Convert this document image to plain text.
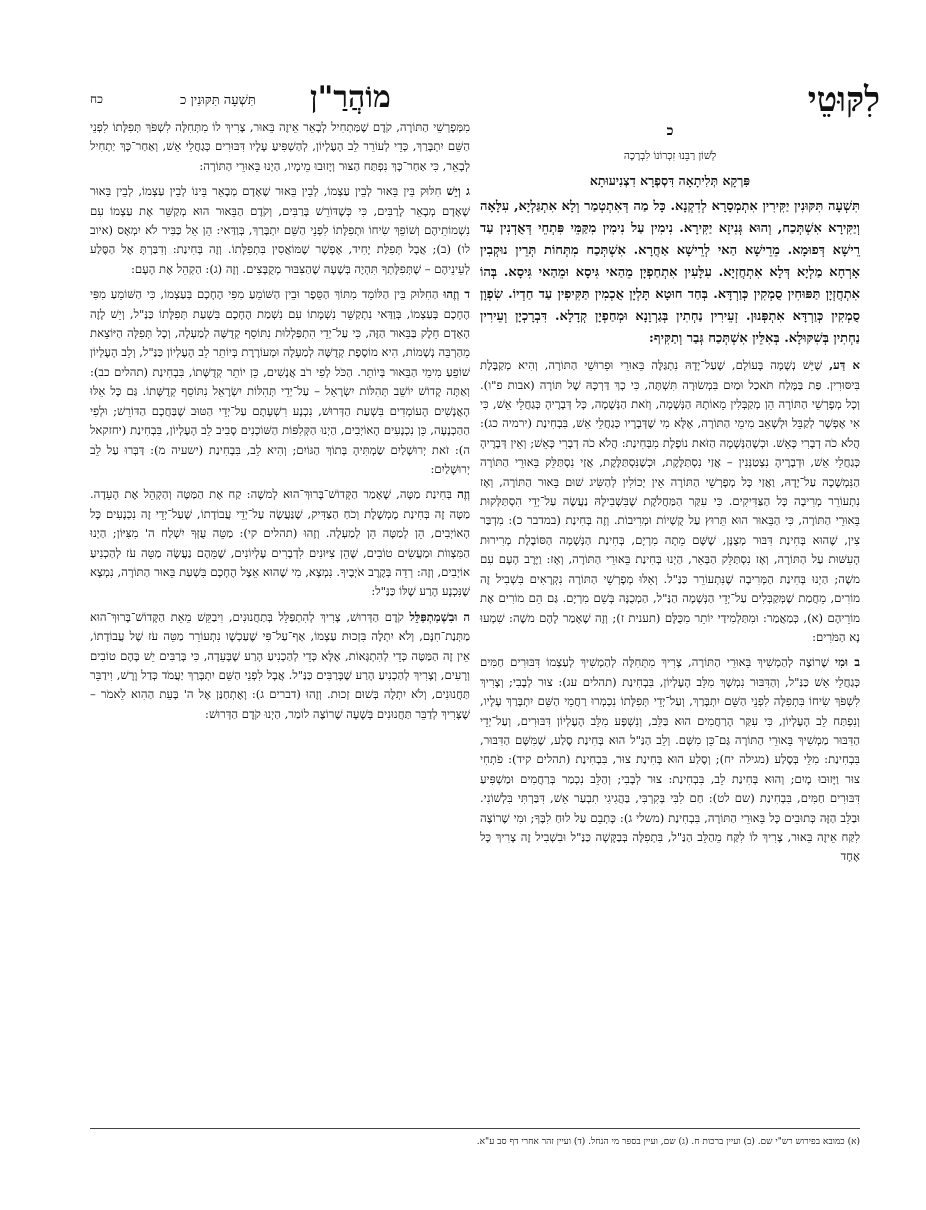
לִקּוּטֵי
מוֹהֲרַ"ן
תִּשְׁעָה תִּקּוּנִין כ
כח
כ
לְשׁוֹן רַבֵּנוּ זִכְרוֹנוֹ לִבְרָכָה
פִּרְקָא תְּלִיתָאָה דִּסְפְרָא דִצְנִיעוּתָא

תִּשְׁעָה תִּקּוּנִין יַקִּירִין אִתְמְסָרָא לְדִקְנָא. כָּל מַה דְּאִתְטְמַר וְלָא אִתְגַּלְיָא, עִלָּאָה וְיַקִּירָא אִשְׁתְּכַח, וְהוּא גְּנִיזָא יַקִּירָא. נִימִין עַל נִימִין מִקַּמֵּי פִּתְחֵי דְּאֻדְנִין עַד רֵישָׁא דְּפוּמָא. מֵרֵישָׁא הַאי לְרֵישָׁא אַחֲרָא. אִשְׁתְּכַח מִתְּחוֹת תְּרֵין נוּקְבִין אָרְחָא מַלְיָא דְּלָא אִתְחֲזְיָא. עִלָּעִין אִתְחַפְיָן מֵהַאי גִּיסָא וּמֵהַאי גִּיסָא. בְּהוֹ אִתְחֲזְיָן תַּפּוּחִין סֻמְקִין כְּוַרְדָּא. בְּחַד חוּטָא תָּלְיָן אֻכְמִין תַּקִּיפִין עַד חַדְיוֹ. שִׂפְוָן סֻמְקִין כְּוַרְדָּא אִתְפְּנוּן. זְעֵירִין נַחְתִין בְּגַרְוָנָא וּמְחַפְיָן קְדָלָא. דִּבְרָכְיָן וְעֵירִין נַחְתִין בְּשִׁקּוּלָא. בְּאִלֵּין אִשְׁתְּכַח גְּבַר וְתַקִּיף:

א דַּע, שֶׁיֵּשׁ נְשָׁמָה בָּעוֹלָם, שֶׁעַל־יָדָהּ נִתְגַּלֶּה בֵּאוּרֵי וּפֵרוּשֵׁי הַתּוֹרָה, וְהִיא מְקַבֶּלֶת בִּיסּוּרִין. פַּת בַּמֶּלַח תֹּאכַל וּמַיִם בִּמְשׂוּרָה תִּשְׁתֶּה, כִּי כָךְ דַּרְכָּהּ שֶׁל תּוֹרָה (אבות פ"ו). וְכָל מְפָרְשֵׁי הַתּוֹרָה הֵן מְקַבְּלִין מֵאוֹתָהּ הַנְּשָׁמָה, וְזֹאת הַנְּשָׁמָה, כָּל דְּבָרֶיהָ כְּגַחֲלֵי אֵשׁ, כִּי אִי אֶפְשָׁר לְקַבֵּל וּלְשָׁאֵב מִימֵי הַתּוֹרָה, אֶלָּא מִי שֶׁדְּבָרָיו כְּגַחֲלֵי אֵשׁ, בִּבְחִינַת (ירמיה כג): הֲלֹא כֹה דְבָרִי כָּאֵשׁ. וּכְשֶׁהַנְּשָׁמָה הַזֹּאת נוֹפֶלֶת מִבְּחִינַת: הֲלֹא כֹה דְבָרִי כָּאֵשׁ; וְאֵין דְּבָרֶיהָ כְּגַחֲלֵי אֵשׁ, וּדְבָרֶיהָ נִצְטַנְּנִין – אֲזַי נִסְתַּלֶּקֶת, וּכְשֶׁנִּסְתַּלֶּקֶת, אֲזַי נִסְתַּלֵּק בֵּאוּרֵי הַתּוֹרָה הַנִּמְשָׁכָה עַל־יָדָהּ, וַאֲזַי כָּל מְפָרְשֵׁי הַתּוֹרָה אֵין יְכוֹלִין לְהַשִּׂיג שׁוּם בֵּאוּר הַתּוֹרָה, וְאָז נִתְעוֹרֵר מְרִיבָה כָּל הַצַּדִּיקִים. כִּי עִקַּר הַמַּחֲלֹקֶת שֶׁבִּשְׁבִילָהּ נַעֲשֶׂה עַל־יְדֵי הִסְתַּלְּקוּת בֵּאוּרֵי הַתּוֹרָה, כִּי הַבֵּאוּר הוּא תֵּרוּץ עַל קֻשְׁיוֹת וּמְרִיבוֹת. וְזֶה בְּחִינַת (במדבר כ): מִדְבַּר צִין, שֶׁהוּא בְּחִינַת דִּבּוּר מְצֻנָּן, שֶׁשָּׁם מֵתָה מִרְיָם, בְּחִינַת הַנְּשָׁמָה הַסּוֹבֶלֶת מְרִירוּת הָעִשּׁוּת עַל הַתּוֹרָה, וְאָז נִסְתַּלֵּק הַבְּאֵר, הַיְנוּ בְּחִינַת בֵּאוּרֵי הַתּוֹרָה, וְאָז: וַיָּרֶב הָעָם עִם משֶׁה; הַיְנוּ בְּחִינַת הַמְּרִיבָה שֶׁנִּתְעוֹרֵר כַּנַּ"ל. וְאֵלּוּ מְפָרְשֵׁי הַתּוֹרָה נִקְרָאִים בִּשְׁבִיל זֶה מוֹרִים, מֵחֲמַת שֶׁמְּקַבְּלִים עַל־יְדֵי הַנְּשָׁמָה הַנַּ"ל, הַמְכֻנָּה בְּשֵׁם מִרְיָם. גַּם הֵם מוֹרִים אֶת מוֹרֵיהֶם (א), כְּמַאֲמַר: וּמִתַּלְמִידַי יוֹתֵר מִכֻּלָּם (תענית ז); וְזֶה שֶׁאָמַר לָהֶם משֶׁה: שִׁמְעוּ נָא הַמֹּרִים:

ב וּמִי שֶׁרוֹצֶה לְהַמְשִׁיךְ בֵּאוּרֵי הַתּוֹרָה, צָרִיךְ מִתְּחִלָּה לְהַמְשִׁיךְ לְעַצְמוֹ דִּבּוּרִים חַמִּים כְּגַחֲלֵי אֵשׁ כַּנַּ"ל, וְהַדִּבּוּר נִמְשָׁךְ מִלֵּב הָעֶלְיוֹן, בִּבְחִינַת (תהלים עג): צוּר לְבָבִי; וְצָרִיךְ לִשְׁפֹּךְ שִׂיחוֹ בִּתְפִלָּה לִפְנֵי הַשֵּׁם יִתְבָּרַךְ, וְעַל־יְדֵי תְּפִלָּתוֹ נִכְמְרוּ רַחֲמֵי הַשֵּׁם יִתְבָּרַךְ עָלָיו, וְנִפְתַּח לֵב הָעֶלְיוֹן, כִּי עִקַּר הָרַחֲמִים הוּא בַּלֵּב, וְנִשְׁפָּע מִלֵּב הָעֶלְיוֹן דִּבּוּרִים, וְעַל־יְדֵי הַדִּבּוּר מַמְשִׁיךְ בֵּאוּרֵי הַתּוֹרָה גַּם־כֵּן מִשָּׁם. וְלֵב הַנַּ"ל הוּא בְּחִינַת סֶלַע, שֶׁמִּשָּׁם הַדִּבּוּר, בִּבְחִינַת: מִלֵּי בְּסֶלַע (מגילה יח); וְסֶלַע הוּא בְּחִינַת צוּר, בִּבְחִינַת (תהלים קיד): פֹתְחִי צוּר וַיָּזוּבוּ מָיִם; וְהוּא בְּחִינַת לֵב, בִּבְחִינַת: צוּר לְבָבִי; וְהַלֵּב נִכְמַר בְּרַחֲמִים וּמַשְׁפִּיעַ דִּבּוּרִים חַמִּים, בִּבְחִינַת (שם לט): חַם לִבִּי בְּקִרְבִּי, בַּהֲגִיגִי תִבְעַר אֵשׁ, דִּבַּרְתִּי בִּלְשׁוֹנִי. וּבַלֵּב הַזֶּה כְּתוּבִים כָּל בֵּאוּרֵי הַתּוֹרָה, בִּבְחִינַת (משלי ג): כָּתְבֵם עַל לוּחַ לִבֶּךָ; וּמִי שֶׁרוֹצֶה לִקַּח אֵיזֶה בֵּאוּר, צָרִיךְ לוֹ לִקַּח מֵהַלֵּב הַנַּ"ל, בִּתְפִלָּה בְּבַקָּשָׁה כַּנַּ"ל וּבִשְׁבִיל זֶה צָרִיךְ כָּל אֶחָד

מִמְּפָרְשֵׁי הַתּוֹרָה, קֹדֶם שֶׁמַּתְחִיל לְבָאֵר אֵיזֶה בֵּאוּר, צָרִיךְ לוֹ מִתְּחִלָּה לִשְׁפֹּךְ תְּפִלָּתוֹ לִפְנֵי הַשֵּׁם יִתְבָּרַךְ, כְּדֵי לְעוֹרֵר לֵב הָעֶלְיוֹן, לְהַשְׁפִּיעַ עָלָיו דִּבּוּרִים כְּגַחֲלֵי אֵשׁ, וְאַחַר־כָּךְ יַתְחִיל לְבָאֵר, כִּי אַחַר־כָּךְ נִפְתַּח הַצּוּר וְיָזוּבוּ מֵימָיו, הַיְנוּ בֵּאוּרֵי הַתּוֹרָה:

ג וְיֵשׁ חִלּוּק בֵּין בֵּאוּר לְבֵין עַצְמוֹ, לְבֵין בֵּאוּר שֶׁאָדָם מְבָאֵר בֵּינוֹ לְבֵין עַצְמוֹ, לְבֵין בֵּאוּר שֶׁאָדָם מְבָאֵר לָרַבִּים, כִּי כְּשֶׁדּוֹרֵשׁ בָּרַבִּים, וְקֹדֶם הַבֵּאוּר הוּא מְקַשֵּׁר אֶת עַצְמוֹ עִם נִשְׁמוֹתֵיהֶם וְשׁוֹפֵךְ שִׂיחוֹ וּתְפִלָּתוֹ לִפְנֵי הַשֵּׁם יִתְבָּרַךְ, בְּוַדַּאי: הֵן אֵל כַּבִּיר לֹא יִמְאָס (איוב לו) (ב); אֲבָל תְּפִלַּת יָחִיד, אֶפְשָׁר שֶׁמּוֹאֲסִין בִּתְפִלָּתוֹ. וְזֶה בְּחִינַת: וְדִבַּרְתָּ אֶל הַסֶּלַע לְעֵינֵיהֶם – שֶׁתְּפִלָּתְךָ תִּהְיֶה בְּשָׁעָה שֶׁהַצִּבּוּר מְקֻבָּצִים. וְזֶה (ג): הַקְהֵל אֶת הָעָם:

ד וְזֶהוּ הַחִלּוּק בֵּין הַלּוֹמֵד מִתּוֹךְ הַסֵּפֶר וּבֵין הַשּׁוֹמֵעַ מִפִּי הֶחָכָם בְּעַצְמוֹ, כִּי הַשּׁוֹמֵעַ מִפִּי הֶחָכָם בְּעַצְמוֹ, בְּוַדַּאי נִתְקַשֵּׁר נִשְׁמָתוֹ עִם נִשְׁמַת הֶחָכָם בִּשְׁעַת תְּפִלָּתוֹ כַּנַּ"ל, וְיֵשׁ לָזֶה הָאָדָם חֵלֶק בַּבֵּאוּר הַזֶּה, כִּי עַל־יְדֵי הִתְפַּלְלוּת נִתּוֹסֵף קְדֻשָּׁה לְמַעְלָה, וְכָל תְּפִלָּה הַיּוֹצֵאת מֵהַרְבֵּה נְשָׁמוֹת, הִיא מוֹסֶפֶת קְדֻשָּׁה לְמַעְלָה וּמְעוֹרֶרֶת בְּיוֹתֵר לֵב הָעֶלְיוֹן כַּנַּ"ל, וְלֵב הָעֶלְיוֹן שׁוֹפֵעַ מִימֵי הַבֵּאוּר בְּיוֹתֵר. הַכֹּל לְפִי רֹב אֲנָשִׁים, כֵּן יוֹתֵר קְדֻשָּׁתוֹ, בִּבְחִינַת (תהלים כב): וְאַתָּה קָדוֹשׁ יוֹשֵׁב תְּהִלּוֹת יִשְׂרָאֵל – עַל־יְדֵי תְּהִלּוֹת יִשְׂרָאֵל נִתּוֹסֵף קְדֻשָּׁתוֹ. גַּם כָּל אֵלּוּ הָאֲנָשִׁים הָעוֹמְדִים בִּשְׁעַת הַדְּרוּשׁ, נִכְנָע רִשְׁעָתָם עַל־יְדֵי הַטּוּב שֶׁבַּחֲכָם הַדּוֹרֵשׁ; וּלְפִי הַהַכְנָעָה, כֵּן נִכְנָעִים הָאוֹיְבִים, הַיְנוּ הַקְּלִפּוֹת הַשּׁוֹכְנִים סָבִיב לֵב הָעֶלְיוֹן, בִּבְחִינַת (יחזקאל ה): זֹאת יְרוּשָׁלַיִם שַׂמְתִּיהָ בְּתוֹךְ הַגּוֹיִם; וְהִיא לֵב, בִּבְחִינַת (ישעיה מ): דַּבְּרוּ עַל לֵב יְרוּשָׁלַיִם:

וְזֶה בְּחִינַת מַטֶּה, שֶׁאָמַר הַקָּדוֹשׁ־בָּרוּךְ־הוּא לְמשֶׁה: קַח אֶת הַמַּטֶּה וְהַקְהֵל אֶת הָעֵדָה. מַטֶּה זֶה בְּחִינַת מֶמְשֶׁלֶת וְכֹחַ הַצַּדִּיק, שֶׁנַּעֲשֶׂה עַל־יְדֵי עֲבוֹדָתוֹ, שֶׁעַל־יְדֵי זֶה נִכְנָעִים כָּל הָאוֹיְבִים, הֵן לְמַטָּה הֵן לְמַעְלָה. וְזֶהוּ (תהלים קי): מַטֵּה עֻזְּךָ יִשְׁלַח ה' מִצִּיּוֹן; הַיְנוּ הַמִּצְווֹת וּמַעֲשִׂים טוֹבִים, שֶׁהֵן צִיּוּנִים לִדְבָרִים עֶלְיוֹנִים, שֶׁמֵּהֶם נַעֲשֶׂה מַטֵּה עֹז לְהַכְנִיעַ אוֹיְבִים, וְזֶה: רְדֵה בְּקֶרֶב אֹיְבֶיךָ. נִמְצָא, מִי שֶׁהוּא אֵצֶל הֶחָכָם בִּשְׁעַת בֵּאוּר הַתּוֹרָה, נִמְצָא שֶׁנִּכְנָע הָרַע שֶׁלּוֹ כַּנַּ"ל:

ה וּבִשְׁמַתְפַּלֵּל קֹדֶם הַדְּרוּשׁ, צָרִיךְ לְהִתְפַּלֵּל בְּתַחֲנוּנִים, וִיבַקֵּשׁ מֵאֵת הַקָּדוֹשׁ־בָּרוּךְ־הוּא מַתְּנַת־חִנָּם, וְלֹא יִתְלֶה בִּזְכוּת עַצְמוֹ, אַף־עַל־פִּי שֶׁעַכְשָׁו נִתְעוֹרֵר מַטֵּה עֹז שֶׁל עֲבוֹדָתוֹ, אֵין זֶה הַמַּטֶּה כְּדֵי לְהִתְגָּאוֹת, אֶלָּא כְּדֵי לְהַכְנִיעַ הָרַע שֶׁבָּעֵדָה, כִּי בָּרַבִּים יֵשׁ בָּהֶם טוֹבִים וְרָעִים, וְצָרִיךְ לְהַכְנִיעַ הָרַע שֶׁבָּרַבִּים כַּנַּ"ל. אֲבָל לִפְנֵי הַשֵּׁם יִתְבָּרַךְ יַעֲמֹד כְּדַל וָרָשׁ, וִידַבֵּר תַּחֲנוּנִים, וְלֹא יִתְלֶה בְּשׁוּם זְכוּת. וְזֶהוּ (דברים ג): וָאֶתְחַנַּן אֶל ה' בָּעֵת הַהִוא לֵאמֹר – שֶׁצָּרִיךְ לְדַבֵּר תַּחֲנוּנִים בְּשָׁעָה שֶׁרוֹצֶה לוֹמַר, הַיְנוּ קֹדֶם הַדְּרוּשׁ:

(א) כמובא בפירוש רש"י שם. (ב) ועיין ברכות ח. (ג) שם, ועיין בספר מי הנחל. (ד) ועיין זהר אחרי דף סב ע"א.
